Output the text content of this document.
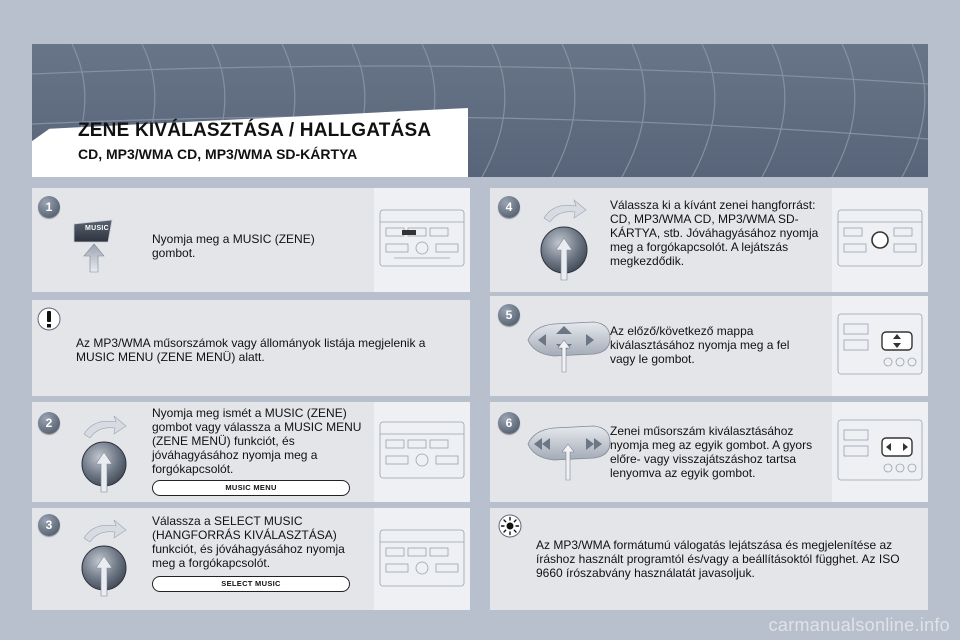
ZENE KIVÁLASZTÁSA / HALLGATÁSA
CD, MP3/WMA CD, MP3/WMA SD-KÁRTYA
1
MUSIC
Nyomja meg a MUSIC (ZENE) gombot.
Az MP3/WMA műsorszámok vagy állományok listája megjelenik a MUSIC MENU (ZENE MENÜ) alatt.
2
Nyomja meg ismét a MUSIC (ZENE) gombot vagy válassza a MUSIC MENU (ZENE MENÜ) funkciót, és jóváhagyásához nyomja meg a forgókapcsolót.
MUSIC MENU
3	Válassza a SELECT MUSIC (HANGFORRÁS KIVÁLASZTÁSA) funkciót, és jóváhagyásához nyomja meg a forgókapcsolót.
SELECT MUSIC
4	Válassza ki a kívánt zenei hangforrást: CD, MP3/WMA CD, MP3/WMA SD-KÁRTYA, stb. Jóváhagyásához nyomja meg a forgókapcsolót. A lejátszás megkezdődik.
5
Az előző/következő mappa kiválasztásához nyomja meg a fel vagy le gombot.
6
Zenei műsorszám kiválasztásához nyomja meg az egyik gombot. A gyors előre- vagy visszajátszáshoz tartsa lenyomva az egyik gombot.
Az MP3/WMA formátumú válogatás lejátszása és megjelenítése az íráshoz használt programtól és/vagy a beállításoktól függhet. Az ISO 9660 írószabvány használatát javasoljuk.
carmanualsonline.info
